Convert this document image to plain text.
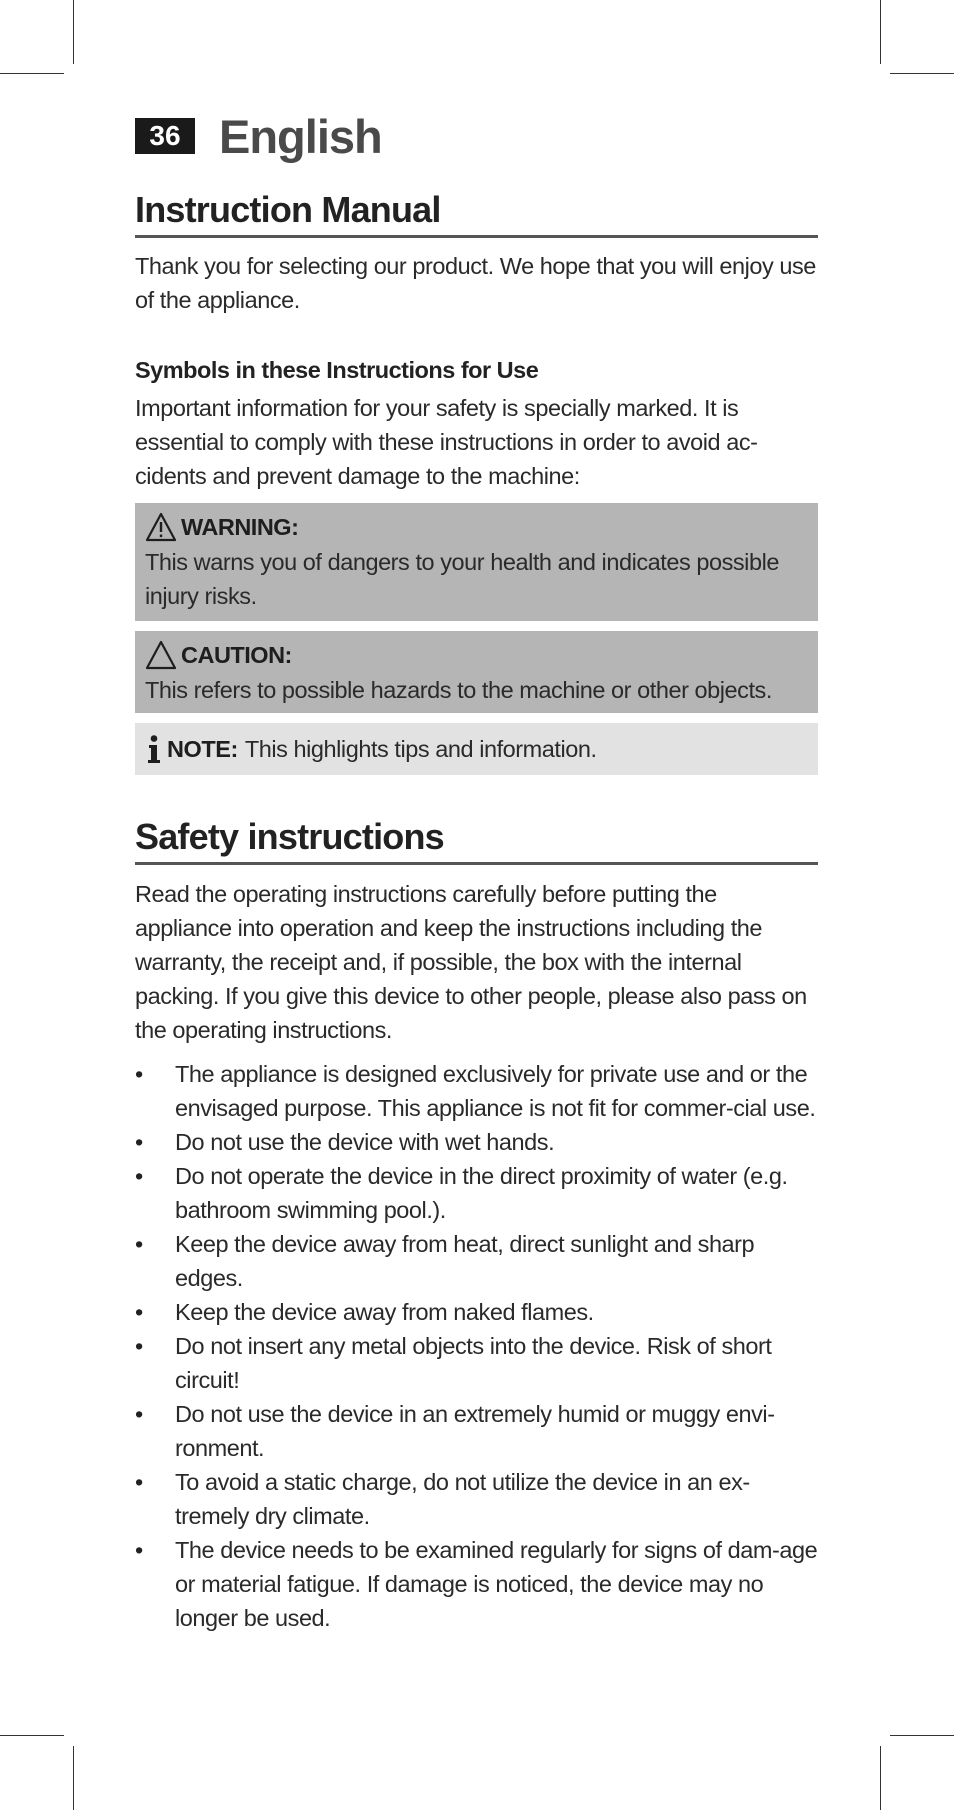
36 English
Instruction Manual

Thank you for selecting our product. We hope that you will enjoy use of the appliance.

Symbols in these Instructions for Use

Important information for your safety is specially marked. It is essential to comply with these instructions in order to avoid ac-cidents and prevent damage to the machine:

WARNING:
This warns you of dangers to your health and indicates possible injury risks.
CAUTION:
This refers to possible hazards to the machine or other objects.
NOTE: This highlights tips and information.
Safety instructions

Read the operating instructions carefully before putting the appliance into operation and keep the instructions including the warranty, the receipt and, if possible, the box with the internal packing. If you give this device to other people, please also pass on the operating instructions.

• The appliance is designed exclusively for private use and or the envisaged purpose. This appliance is not fit for commer-cial use.
• Do not use the device with wet hands.
• Do not operate the device in the direct proximity of water (e.g. bathroom swimming pool.).
• Keep the device away from heat, direct sunlight and sharp edges.
• Keep the device away from naked flames.
• Do not insert any metal objects into the device. Risk of short circuit!
• Do not use the device in an extremely humid or muggy envi-ronment.
• To avoid a static charge, do not utilize the device in an ex-tremely dry climate.
• The device needs to be examined regularly for signs of dam-age or material fatigue. If damage is noticed, the device may no longer be used.
